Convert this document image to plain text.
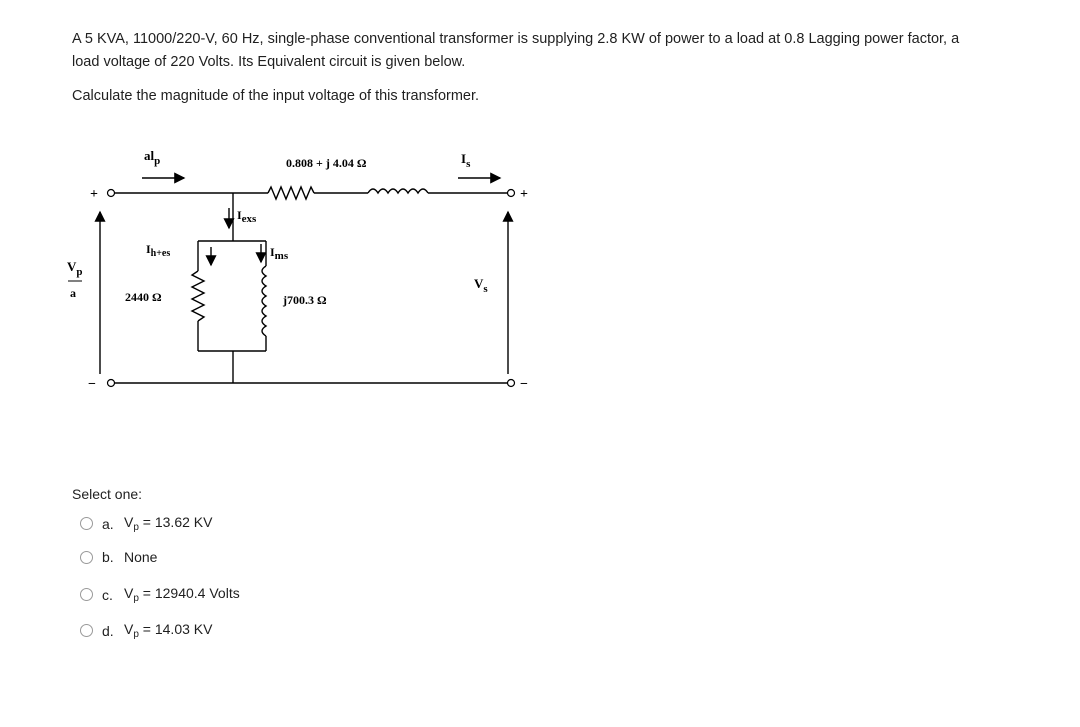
A 5 KVA, 11000/220-V, 60 Hz, single-phase conventional transformer is supplying 2.8 KW of power to a load at 0.8 Lagging power factor, a

load voltage of 220 Volts. Its Equivalent circuit is given below.

Calculate the magnitude of the input voltage of this transformer.

+
−
+
−
$al_p$	0.808 + j 4.04 Ω	$I_s$
Iexs
$I_{h+es}$	Ims
$V_p$
a	2440 Ω	j700.3 Ω
$V_s$
Select one:
a. $V_p = 13.62$ KV
b. None
c. $V_p = 12940.4$ Volts
d. $V_p = 14.03$ KV
